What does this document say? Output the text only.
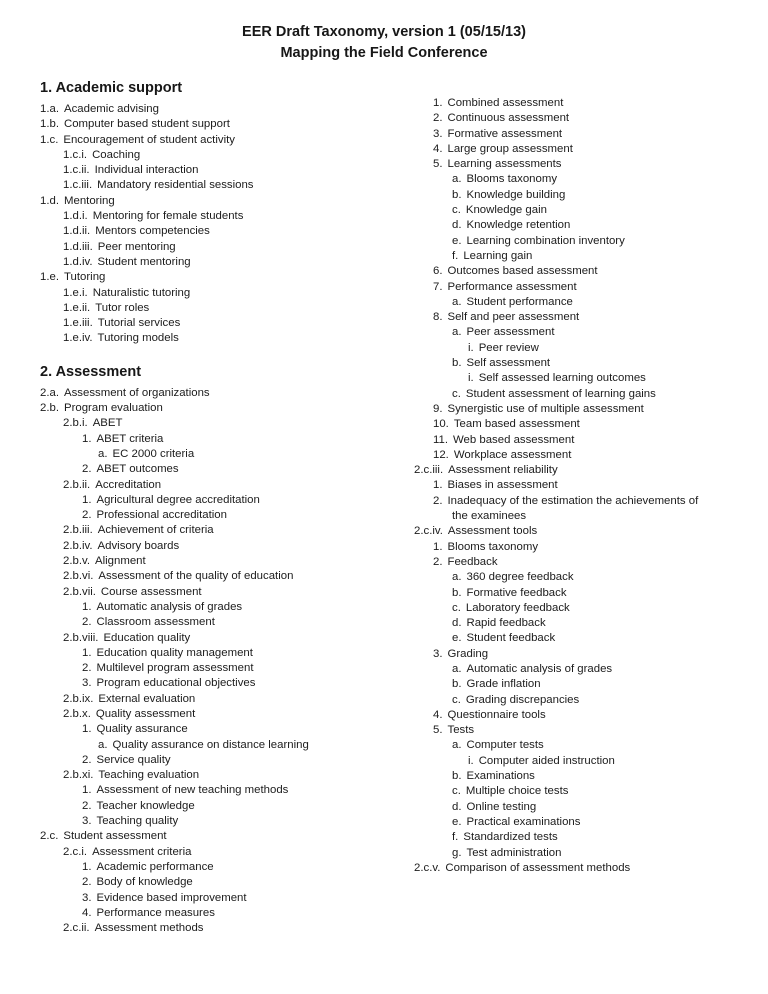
EER Draft Taxonomy, version 1 (05/15/13)
Mapping the Field Conference
1. Academic support
1.a. Academic advising
1.b. Computer based student support
1.c. Encouragement of student activity
1.c.i. Coaching
1.c.ii. Individual interaction
1.c.iii. Mandatory residential sessions
1.d. Mentoring
1.d.i. Mentoring for female students
1.d.ii. Mentors competencies
1.d.iii. Peer mentoring
1.d.iv. Student mentoring
1.e. Tutoring
1.e.i. Naturalistic tutoring
1.e.ii. Tutor roles
1.e.iii. Tutorial services
1.e.iv. Tutoring models
2. Assessment
2.a. Assessment of organizations
2.b. Program evaluation
2.b.i. ABET
1. ABET criteria
a. EC 2000 criteria
2. ABET outcomes
2.b.ii. Accreditation
1. Agricultural degree accreditation
2. Professional accreditation
2.b.iii. Achievement of criteria
2.b.iv. Advisory boards
2.b.v. Alignment
2.b.vi. Assessment of the quality of education
2.b.vii. Course assessment
1. Automatic analysis of grades
2. Classroom assessment
2.b.viii. Education quality
1. Education quality management
2. Multilevel program assessment
3. Program educational objectives
2.b.ix. External evaluation
2.b.x. Quality assessment
1. Quality assurance
a. Quality assurance on distance learning
2. Service quality
2.b.xi. Teaching evaluation
1. Assessment of new teaching methods
2. Teacher knowledge
3. Teaching quality
2.c. Student assessment
2.c.i. Assessment criteria
1. Academic performance
2. Body of knowledge
3. Evidence based improvement
4. Performance measures
2.c.ii. Assessment methods
1. Combined assessment
2. Continuous assessment
3. Formative assessment
4. Large group assessment
5. Learning assessments
a. Blooms taxonomy
b. Knowledge building
c. Knowledge gain
d. Knowledge retention
e. Learning combination inventory
f. Learning gain
6. Outcomes based assessment
7. Performance assessment
a. Student performance
8. Self and peer assessment
a. Peer assessment
i. Peer review
b. Self assessment
i. Self assessed learning outcomes
c. Student assessment of learning gains
9. Synergistic use of multiple assessment
10. Team based assessment
11. Web based assessment
12. Workplace assessment
2.c.iii. Assessment reliability
1. Biases in assessment
2. Inadequacy of the estimation the achievements of
the examinees
2.c.iv. Assessment tools
1. Blooms taxonomy
2. Feedback
a. 360 degree feedback
b. Formative feedback
c. Laboratory feedback
d. Rapid feedback
e. Student feedback
3. Grading
a. Automatic analysis of grades
b. Grade inflation
c. Grading discrepancies
4. Questionnaire tools
5. Tests
a. Computer tests
i. Computer aided instruction
b. Examinations
c. Multiple choice tests
d. Online testing
e. Practical examinations
f. Standardized tests
g. Test administration
2.c.v. Comparison of assessment methods
